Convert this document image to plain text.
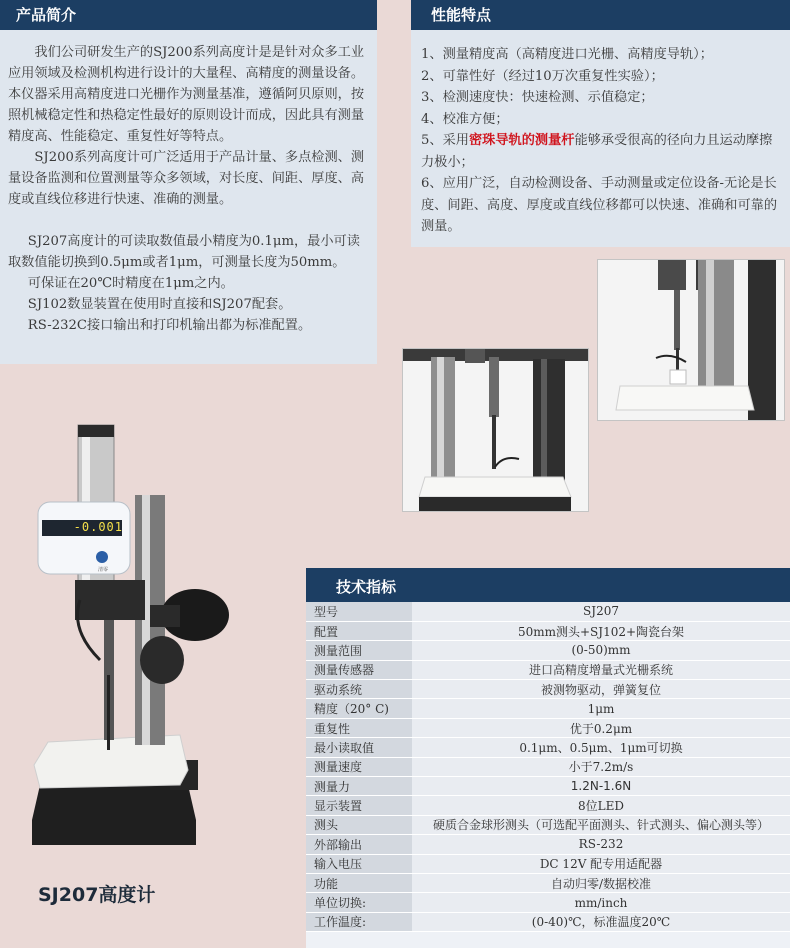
产品简介

我们公司研发生产的SJ200系列高度计是是针对众多工业应用领域及检测机构进行设计的大量程、高精度的测量设备。本仪器采用高精度进口光栅作为测量基准，遵循阿贝原则，按照机械稳定性和热稳定性最好的原则设计而成，因此具有测量精度高、性能稳定、重复性好等特点。

SJ200系列高度计可广泛适用于产品计量、多点检测、测量设备监测和位置测量等众多领域，对长度、间距、厚度、高度或直线位移进行快速、准确的测量。

SJ207高度计的可读取数值最小精度为0.1μm，最小可读取数值能切换到0.5μm或者1μm，可测量长度为50mm。

可保证在20℃时精度在1μm之内。

SJ102数显装置在使用时直接和SJ207配套。

RS-232C接口输出和打印机输出都为标准配置。

性能特点
1、测量精度高（高精度进口光栅、高精度导轨）；
2、可靠性好（经过10万次重复性实验）；
3、检测速度快：快速检测、示值稳定；
4、校准方便；
5、采用密珠导轨的测量杆能够承受很高的径向力且运动摩擦力极小；
6、应用广泛，自动检测设备、手动测量或定位设备-无论是长度、间距、高度、厚度或直线位移都可以快速、准确和可靠的测量。
-0.001
清零
SJ207高度计
技术指标
型号	SJ207
配置	50mm测头+SJ102+陶瓷台架
测量范围	(0-50)mm
测量传感器	进口高精度增量式光栅系统
驱动系统	被测物驱动，弹簧复位
精度（20° C)	1μm
重复性	优于0.2μm
最小读取值	0.1μm、0.5μm、1μm可切换
测量速度	小于7.2m/s
测量力	1.2N-1.6N
显示装置	8位LED
测头	硬质合金球形测头（可选配平面测头、针式测头、偏心测头等）
外部输出	RS-232
输入电压	DC 12V 配专用适配器
功能	自动归零/数据校准
单位切换:	mm/inch
工作温度:	(0-40)℃，标准温度20℃
